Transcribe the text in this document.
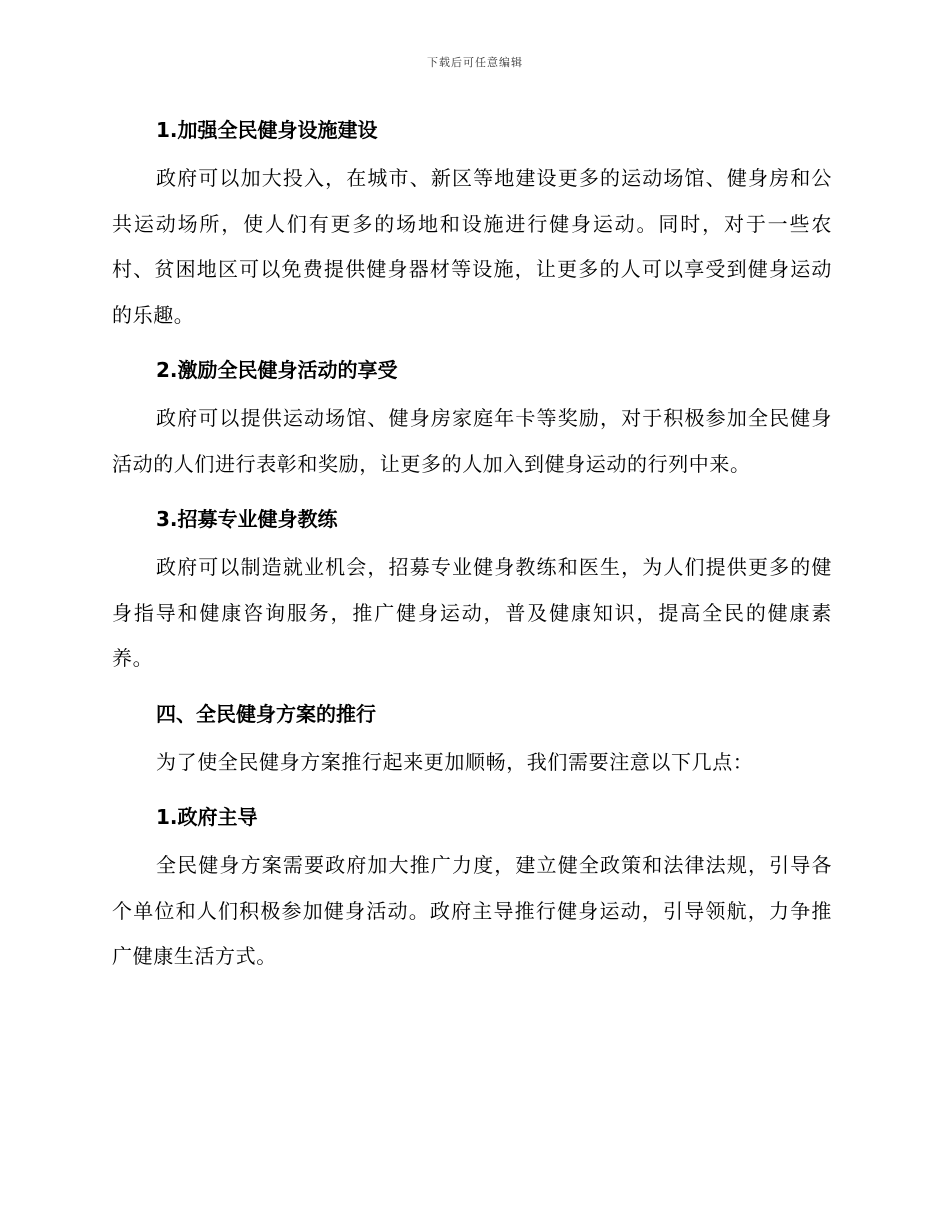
下载后可任意编辑
1.加强全民健身设施建设

政府可以加大投入，在城市、新区等地建设更多的运动场馆、健身房和公共运动场所，使人们有更多的场地和设施进行健身运动。同时，对于一些农村、贫困地区可以免费提供健身器材等设施，让更多的人可以享受到健身运动的乐趣。

2.激励全民健身活动的享受

政府可以提供运动场馆、健身房家庭年卡等奖励，对于积极参加全民健身活动的人们进行表彰和奖励，让更多的人加入到健身运动的行列中来。

3.招募专业健身教练

政府可以制造就业机会，招募专业健身教练和医生，为人们提供更多的健身指导和健康咨询服务，推广健身运动，普及健康知识，提高全民的健康素养。

四、全民健身方案的推行

为了使全民健身方案推行起来更加顺畅，我们需要注意以下几点：

1.政府主导

全民健身方案需要政府加大推广力度，建立健全政策和法律法规，引导各个单位和人们积极参加健身活动。政府主导推行健身运动，引导领航，力争推广健康生活方式。
